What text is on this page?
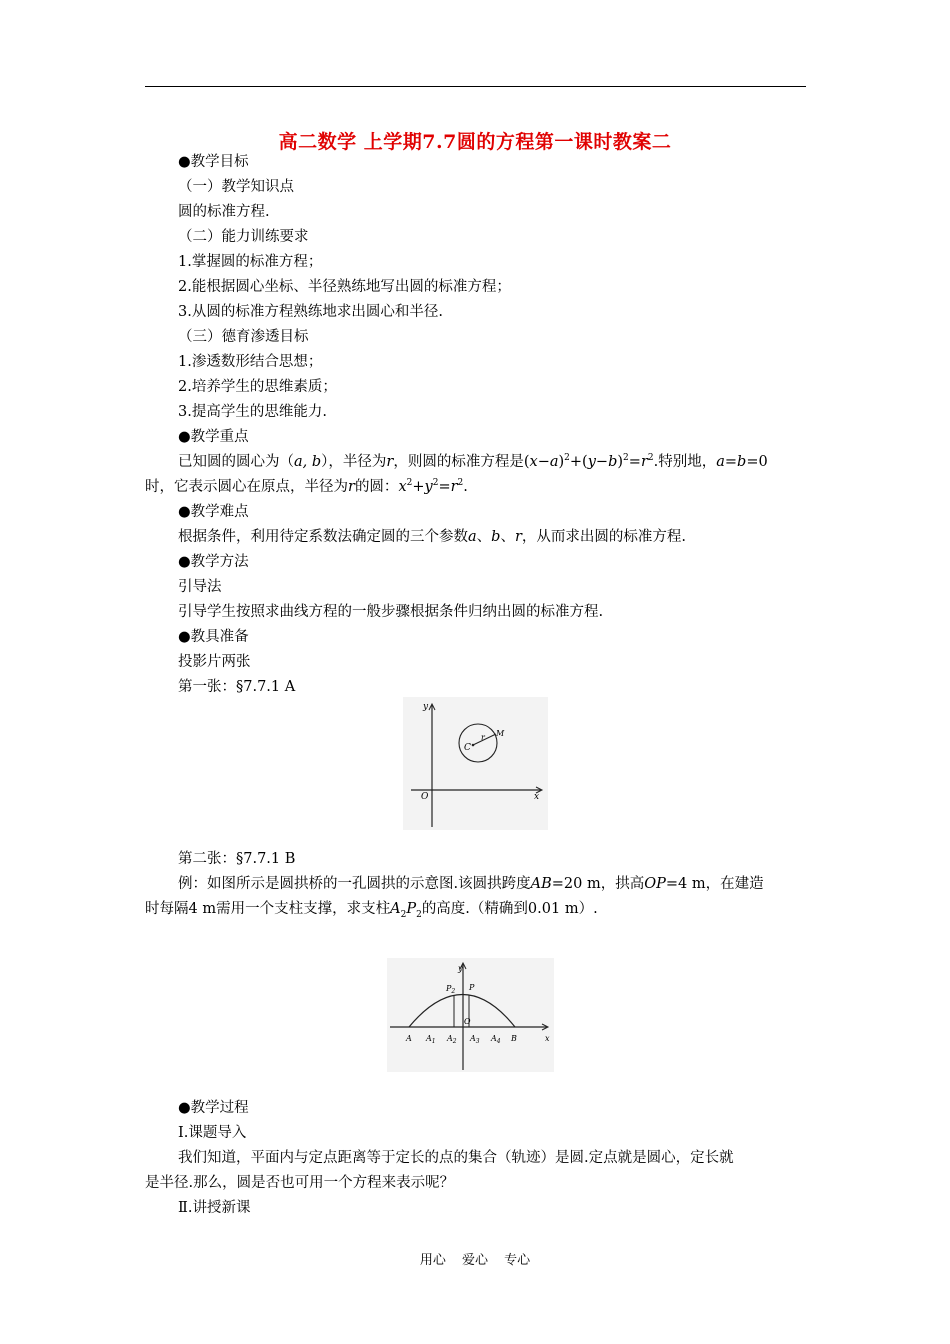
高二数学 上学期7.7圆的方程第一课时教案二
●教学目标
（一）教学知识点
圆的标准方程.
（二）能力训练要求
1.掌握圆的标准方程；
2.能根据圆心坐标、半径熟练地写出圆的标准方程；
3.从圆的标准方程熟练地求出圆心和半径.
（三）德育渗透目标
1.渗透数形结合思想；
2.培养学生的思维素质；
3.提高学生的思维能力.
●教学重点
已知圆的圆心为（a, b），半径为r，则圆的标准方程是$(x-a)^2+(y-b)^2=r^2$.特别地，a=b=0
时，它表示圆心在原点，半径为r的圆：$x^2+y^2=r^2$.
●教学难点
根据条件，利用待定系数法确定圆的三个参数a、b、r，从而求出圆的标准方程.
●教学方法
引导法
引导学生按照求曲线方程的一般步骤根据条件归纳出圆的标准方程.
●教具准备
投影片两张
第一张：§7.7.1 A
y
x
O
C
r M
第二张：§7.7.1 B
例：如图所示是圆拱桥的一孔圆拱的示意图.该圆拱跨度AB=20 m，拱高OP=4 m，在建造
时每隔4 m需用一个支柱支撑，求支柱$A_2P_2$的高度.（精确到0.01 m）.
y
x
$P_2$ P
O
A $A_1$ $A_2$ $A_3$ $A_4$ B
●教学过程
Ⅰ.课题导入
我们知道，平面内与定点距离等于定长的点的集合（轨迹）是圆.定点就是圆心，定长就
是半径.那么，圆是否也可用一个方程来表示呢？
Ⅱ.讲授新课
用心 爱心 专心
